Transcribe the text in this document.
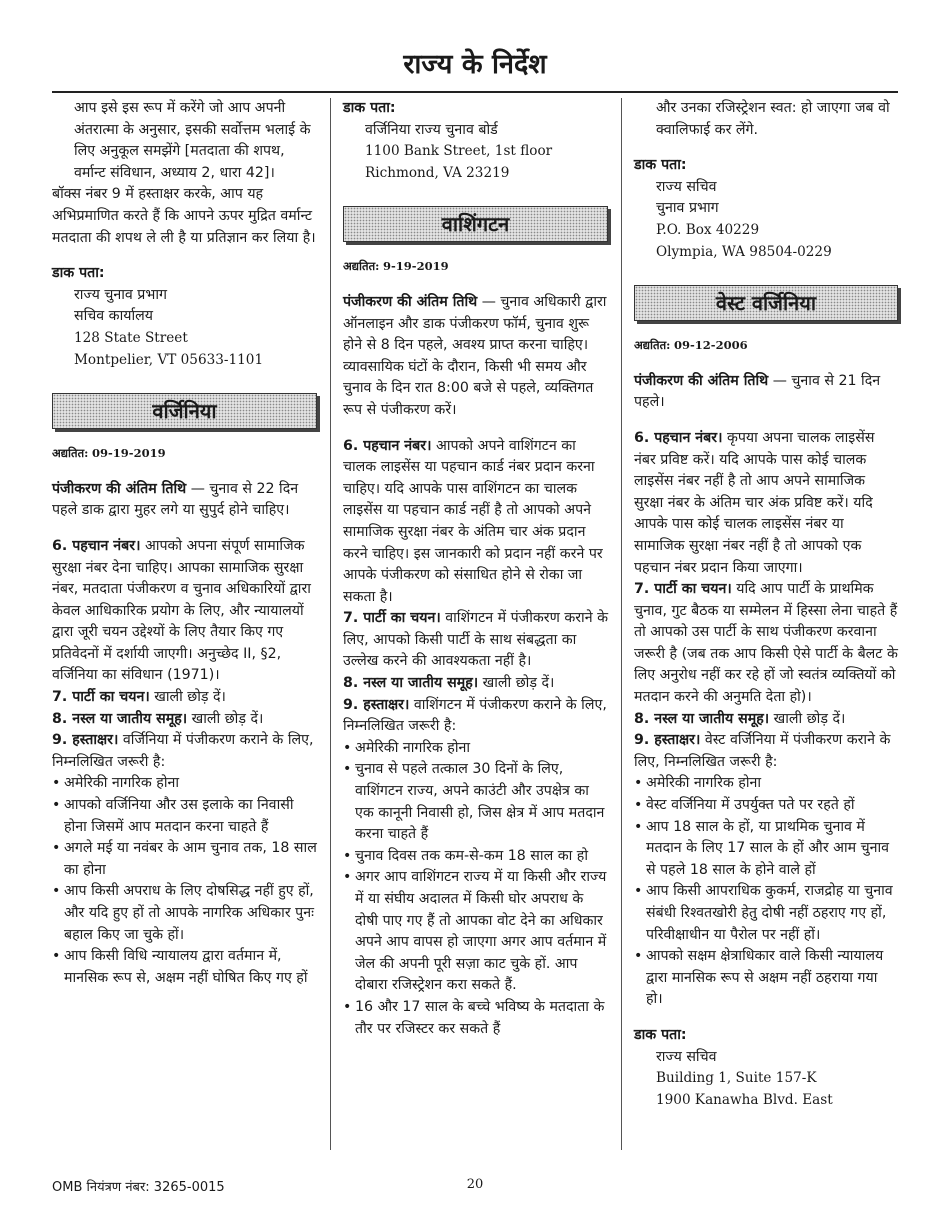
राज्य के निर्देश

आप इसे इस रूप में करेंगे जो आप अपनी अंतरात्मा के अनुसार, इसकी सर्वोत्तम भलाई के लिए अनुकूल समझेंगे [मतदाता की शपथ, वर्मान्ट संविधान, अध्याय 2, धारा 42]।

बॉक्स नंबर 9 में हस्ताक्षर करके, आप यह अभिप्रमाणित करते हैं कि आपने ऊपर मुद्रित वर्मान्ट मतदाता की शपथ ले ली है या प्रतिज्ञान कर लिया है।

डाक पता:

राज्य चुनाव प्रभाग

सचिव कार्यालय

128 State Street

Montpelier, VT 05633-1101

वर्जिनिया

अद्यतित: 09-19-2019

पंजीकरण की अंतिम तिथि — चुनाव से 22 दिन पहले डाक द्वारा मुहर लगे या सुपुर्द होने चाहिए।

6. पहचान नंबर। आपको अपना संपूर्ण सामाजिक सुरक्षा नंबर देना चाहिए। आपका सामाजिक सुरक्षा नंबर, मतदाता पंजीकरण व चुनाव अधिकारियों द्वारा केवल आधिकारिक प्रयोग के लिए, और न्यायालयों द्वारा जूरी चयन उद्देश्यों के लिए तैयार किए गए प्रतिवेदनों में दर्शायी जाएगी। अनुच्छेद II, §2, वर्जिनिया का संविधान (1971)।

7. पार्टी का चयन। खाली छोड़ दें।

8. नस्ल या जातीय समूह। खाली छोड़ दें।

9. हस्ताक्षर। वर्जिनिया में पंजीकरण कराने के लिए, निम्नलिखित जरूरी है:

• अमेरिकी नागरिक होना
• आपको वर्जिनिया और उस इलाके का निवासी होना जिसमें आप मतदान करना चाहते हैं
• अगले मई या नवंबर के आम चुनाव तक, 18 साल का होना
• आप किसी अपराध के लिए दोषसिद्ध नहीं हुए हों, और यदि हुए हों तो आपके नागरिक अधिकार पुनः बहाल किए जा चुके हों।
• आप किसी विधि न्यायालय द्वारा वर्तमान में, मानसिक रूप से, अक्षम नहीं घोषित किए गए हों

डाक पता:

वर्जिनिया राज्य चुनाव बोर्ड

1100 Bank Street, 1st floor

Richmond, VA 23219

वाशिंगटन

अद्यतित: 9-19-2019

पंजीकरण की अंतिम तिथि — चुनाव अधिकारी द्वारा ऑनलाइन और डाक पंजीकरण फॉर्म, चुनाव शुरू होने से 8 दिन पहले, अवश्य प्राप्त करना चाहिए। व्यावसायिक घंटों के दौरान, किसी भी समय और चुनाव के दिन रात 8:00 बजे से पहले, व्यक्तिगत रूप से पंजीकरण करें।

6. पहचान नंबर। आपको अपने वाशिंगटन का चालक लाइसेंस या पहचान कार्ड नंबर प्रदान करना चाहिए। यदि आपके पास वाशिंगटन का चालक लाइसेंस या पहचान कार्ड नहीं है तो आपको अपने सामाजिक सुरक्षा नंबर के अंतिम चार अंक प्रदान करने चाहिए। इस जानकारी को प्रदान नहीं करने पर आपके पंजीकरण को संसाधित होने से रोका जा सकता है।

7. पार्टी का चयन। वाशिंगटन में पंजीकरण कराने के लिए, आपको किसी पार्टी के साथ संबद्धता का उल्लेख करने की आवश्यकता नहीं है।

8. नस्ल या जातीय समूह। खाली छोड़ दें।

9. हस्ताक्षर। वाशिंगटन में पंजीकरण कराने के लिए, निम्नलिखित जरूरी है:

• अमेरिकी नागरिक होना
• चुनाव से पहले तत्काल 30 दिनों के लिए, वाशिंगटन राज्य, अपने काउंटी और उपक्षेत्र का एक कानूनी निवासी हो, जिस क्षेत्र में आप मतदान करना चाहते हैं
• चुनाव दिवस तक कम-से-कम 18 साल का हो
• अगर आप वाशिंगटन राज्य में या किसी और राज्य में या संघीय अदालत में किसी घोर अपराध के दोषी पाए गए हैं तो आपका वोट देने का अधिकार अपने आप वापस हो जाएगा अगर आप वर्तमान में जेल की अपनी पूरी सज़ा काट चुके हों. आप दोबारा रजिस्ट्रेशन करा सकते हैं.
• 16 और 17 साल के बच्चे भविष्य के मतदाता के तौर पर रजिस्टर कर सकते हैं

और उनका रजिस्ट्रेशन स्वत: हो जाएगा जब वो क्वालिफाई कर लेंगे.

डाक पता:

राज्य सचिव

चुनाव प्रभाग

P.O. Box 40229

Olympia, WA 98504-0229

वेस्ट वर्जिनिया

अद्यतित: 09-12-2006

पंजीकरण की अंतिम तिथि — चुनाव से 21 दिन पहले।

6. पहचान नंबर। कृपया अपना चालक लाइसेंस नंबर प्रविष्ट करें। यदि आपके पास कोई चालक लाइसेंस नंबर नहीं है तो आप अपने सामाजिक सुरक्षा नंबर के अंतिम चार अंक प्रविष्ट करें। यदि आपके पास कोई चालक लाइसेंस नंबर या सामाजिक सुरक्षा नंबर नहीं है तो आपको एक पहचान नंबर प्रदान किया जाएगा।

7. पार्टी का चयन। यदि आप पार्टी के प्राथमिक चुनाव, गुट बैठक या सम्मेलन में हिस्सा लेना चाहते हैं तो आपको उस पार्टी के साथ पंजीकरण करवाना जरूरी है (जब तक आप किसी ऐसे पार्टी के बैलट के लिए अनुरोध नहीं कर रहे हों जो स्वतंत्र व्यक्तियों को मतदान करने की अनुमति देता हो)।

8. नस्ल या जातीय समूह। खाली छोड़ दें।

9. हस्ताक्षर। वेस्ट वर्जिनिया में पंजीकरण कराने के लिए, निम्नलिखित जरूरी है:

• अमेरिकी नागरिक होना
• वेस्ट वर्जिनिया में उपर्युक्त पते पर रहते हों
• आप 18 साल के हों, या प्राथमिक चुनाव में मतदान के लिए 17 साल के हों और आम चुनाव से पहले 18 साल के होने वाले हों
• आप किसी आपराधिक कुकर्म, राजद्रोह या चुनाव संबंधी रिश्वतखोरी हेतु दोषी नहीं ठहराए गए हों, परिवीक्षाधीन या पैरोल पर नहीं हों।
• आपको सक्षम क्षेत्राधिकार वाले किसी न्यायालय द्वारा मानसिक रूप से अक्षम नहीं ठहराया गया हो।

डाक पता:

राज्य सचिव

Building 1, Suite 157-K

1900 Kanawha Blvd. East

OMB नियंत्रण नंबर: 3265-0015	20
